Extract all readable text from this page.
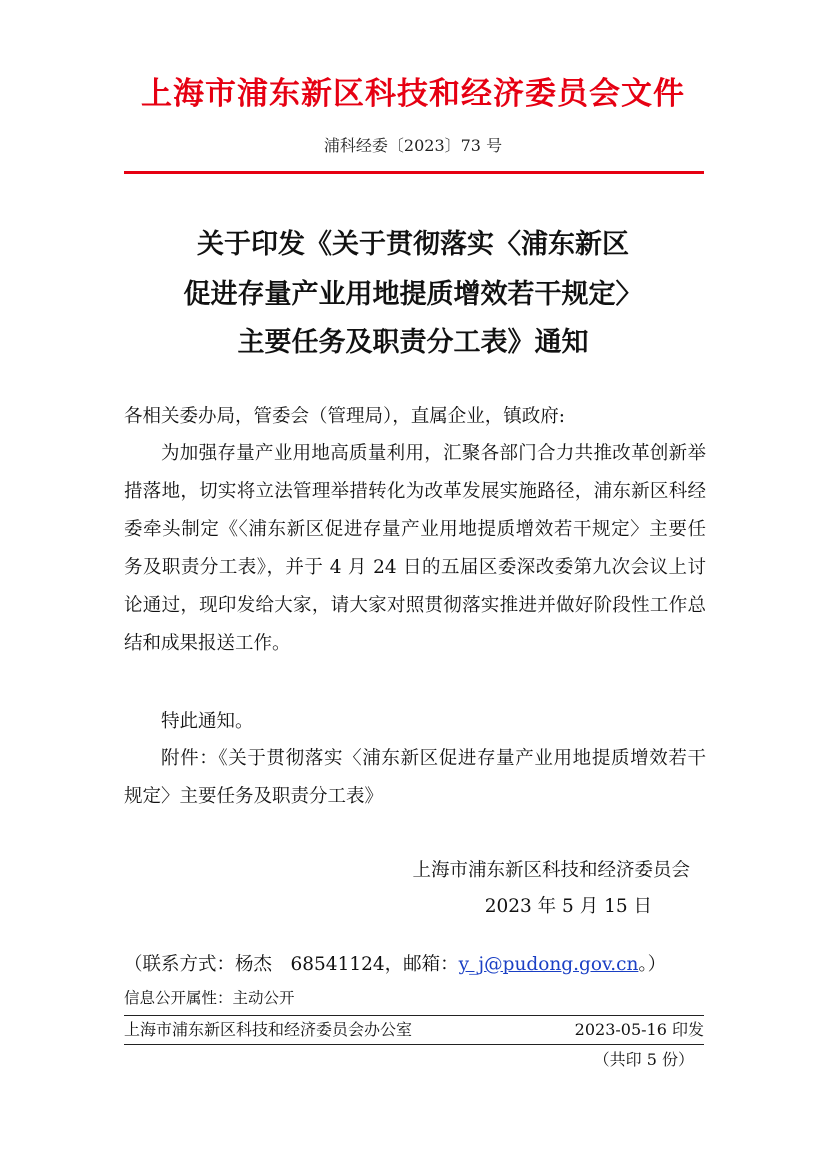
上海市浦东新区科技和经济委员会文件
浦科经委〔2023〕73 号
关于印发《关于贯彻落实〈浦东新区
促进存量产业用地提质增效若干规定〉
主要任务及职责分工表》通知
各相关委办局，管委会（管理局），直属企业，镇政府:
为加强存量产业用地高质量利用，汇聚各部门合力共推改革创新举措落地，切实将立法管理举措转化为改革发展实施路径，浦东新区科经委牵头制定《〈浦东新区促进存量产业用地提质增效若干规定〉主要任务及职责分工表》，并于 4 月 24 日的五届区委深改委第九次会议上讨论通过，现印发给大家，请大家对照贯彻落实推进并做好阶段性工作总结和成果报送工作。
特此通知。
附件：《关于贯彻落实〈浦东新区促进存量产业用地提质增效若干规定〉主要任务及职责分工表》
上海市浦东新区科技和经济委员会
2023 年 5 月 15 日
（联系方式：杨杰　68541124，邮箱：y_j@pudong.gov.cn。）
信息公开属性：主动公开
上海市浦东新区科技和经济委员会办公室	2023-05-16 印发
（共印 5 份）
